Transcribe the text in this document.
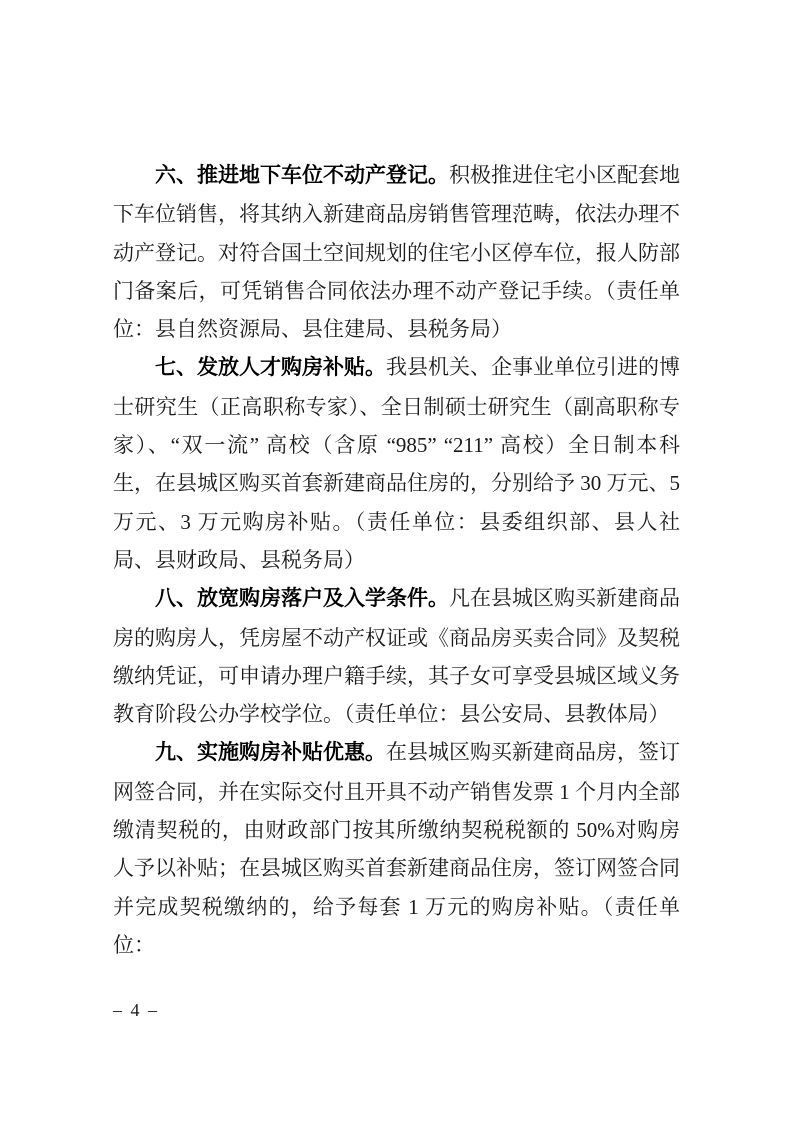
六、推进地下车位不动产登记。积极推进住宅小区配套地下车位销售，将其纳入新建商品房销售管理范畴，依法办理不动产登记。对符合国土空间规划的住宅小区停车位，报人防部门备案后，可凭销售合同依法办理不动产登记手续。（责任单位：县自然资源局、县住建局、县税务局）

七、发放人才购房补贴。我县机关、企事业单位引进的博士研究生（正高职称专家）、全日制硕士研究生（副高职称专家）、“双一流” 高校（含原 “985” “211” 高校）全日制本科生，在县城区购买首套新建商品住房的，分别给予 30 万元、5 万元、3 万元购房补贴。（责任单位：县委组织部、县人社局、县财政局、县税务局）

八、放宽购房落户及入学条件。凡在县城区购买新建商品房的购房人，凭房屋不动产权证或《商品房买卖合同》及契税缴纳凭证，可申请办理户籍手续，其子女可享受县城区域义务教育阶段公办学校学位。（责任单位：县公安局、县教体局）

九、实施购房补贴优惠。在县城区购买新建商品房，签订网签合同，并在实际交付且开具不动产销售发票 1 个月内全部缴清契税的，由财政部门按其所缴纳契税税额的 50%对购房人予以补贴；在县城区购买首套新建商品住房，签订网签合同并完成契税缴纳的，给予每套 1 万元的购房补贴。（责任单位：

– 4 –
